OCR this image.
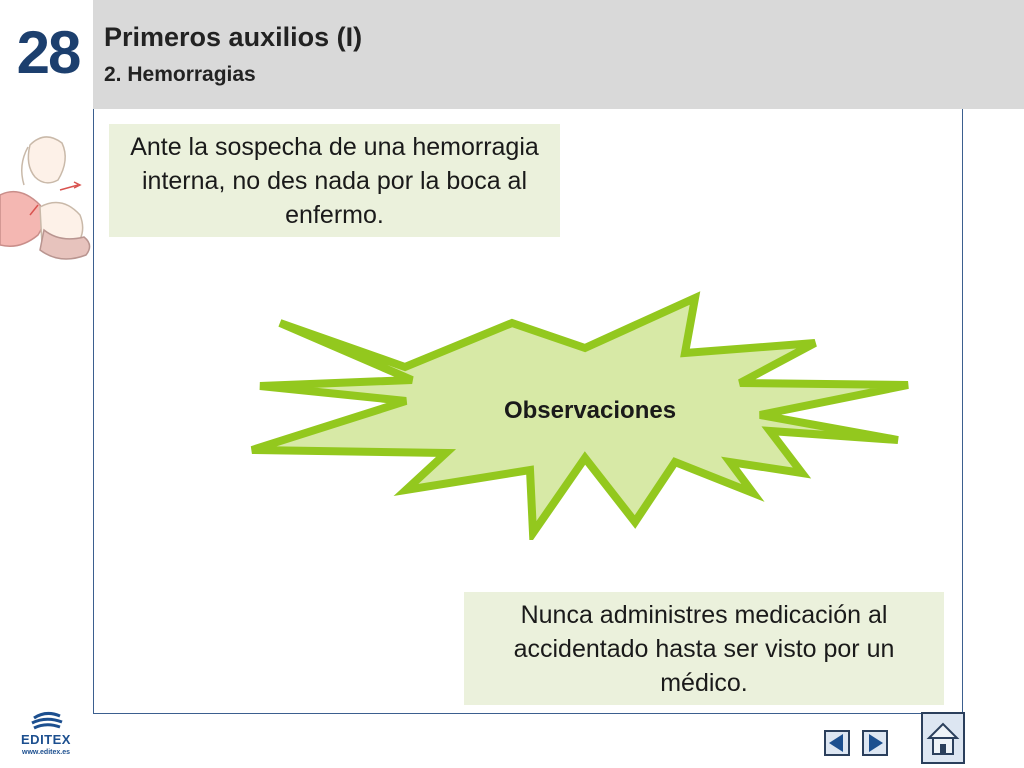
28 Primeros auxilios (I)
2. Hemorragias
Ante la sospecha de una hemorragia interna, no des nada por la boca al enfermo.
Observaciones
Nunca administres medicación al accidentado hasta ser visto por un médico.
EDITEX
www.editex.es
